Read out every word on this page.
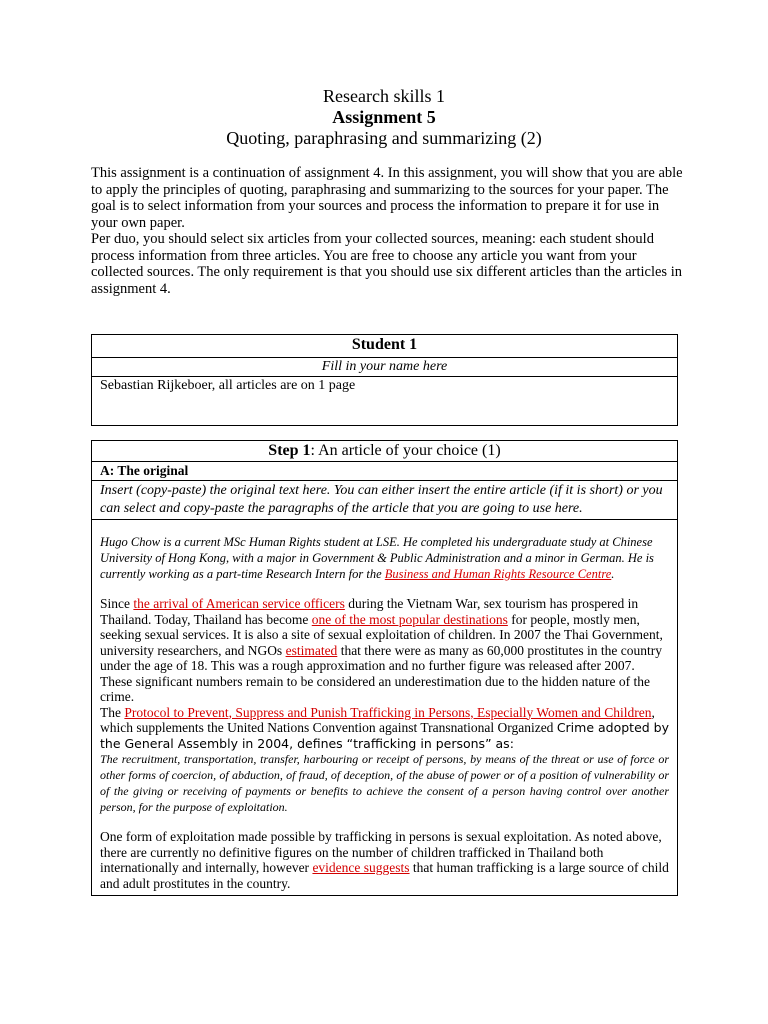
Research skills 1
Assignment 5
Quoting, paraphrasing and summarizing (2)

This assignment is a continuation of assignment 4. In this assignment, you will show that you are able to apply the principles of quoting, paraphrasing and summarizing to the sources for your paper. The goal is to select information from your sources and process the information to prepare it for use in your own paper.

Per duo, you should select six articles from your collected sources, meaning: each student should process information from three articles. You are free to choose any article you want from your collected sources. The only requirement is that you should use six different articles than the articles in assignment 4.

Student 1
Fill in your name here
Sebastian Rijkeboer, all articles are on 1 page
Step 1: An article of your choice (1)
A: The original
Insert (copy-paste) the original text here. You can either insert the entire article (if it is short) or you can select and copy-paste the paragraphs of the article that you are going to use here.

Hugo Chow is a current MSc Human Rights student at LSE. He completed his undergraduate study at Chinese University of Hong Kong, with a major in Government & Public Administration and a minor in German. He is currently working as a part-time Research Intern for the Business and Human Rights Resource Centre.

Since the arrival of American service officers during the Vietnam War, sex tourism has prospered in Thailand. Today, Thailand has become one of the most popular destinations for people, mostly men, seeking sexual services. It is also a site of sexual exploitation of children. In 2007 the Thai Government, university researchers, and NGOs estimated that there were as many as 60,000 prostitutes in the country under the age of 18. This was a rough approximation and no further figure was released after 2007. These significant numbers remain to be considered an underestimation due to the hidden nature of the crime.

The Protocol to Prevent, Suppress and Punish Trafficking in Persons, Especially Women and Children, which supplements the United Nations Convention against Transnational Organized Crime adopted by the General Assembly in 2004, defines “trafficking in persons” as:

The recruitment, transportation, transfer, harbouring or receipt of persons, by means of the threat or use of force or other forms of coercion, of abduction, of fraud, of deception, of the abuse of power or of a position of vulnerability or of the giving or receiving of payments or benefits to achieve the consent of a person having control over another person, for the purpose of exploitation.

One form of exploitation made possible by trafficking in persons is sexual exploitation. As noted above, there are currently no definitive figures on the number of children trafficked in Thailand both internationally and internally, however evidence suggests that human trafficking is a large source of child and adult prostitutes in the country.
